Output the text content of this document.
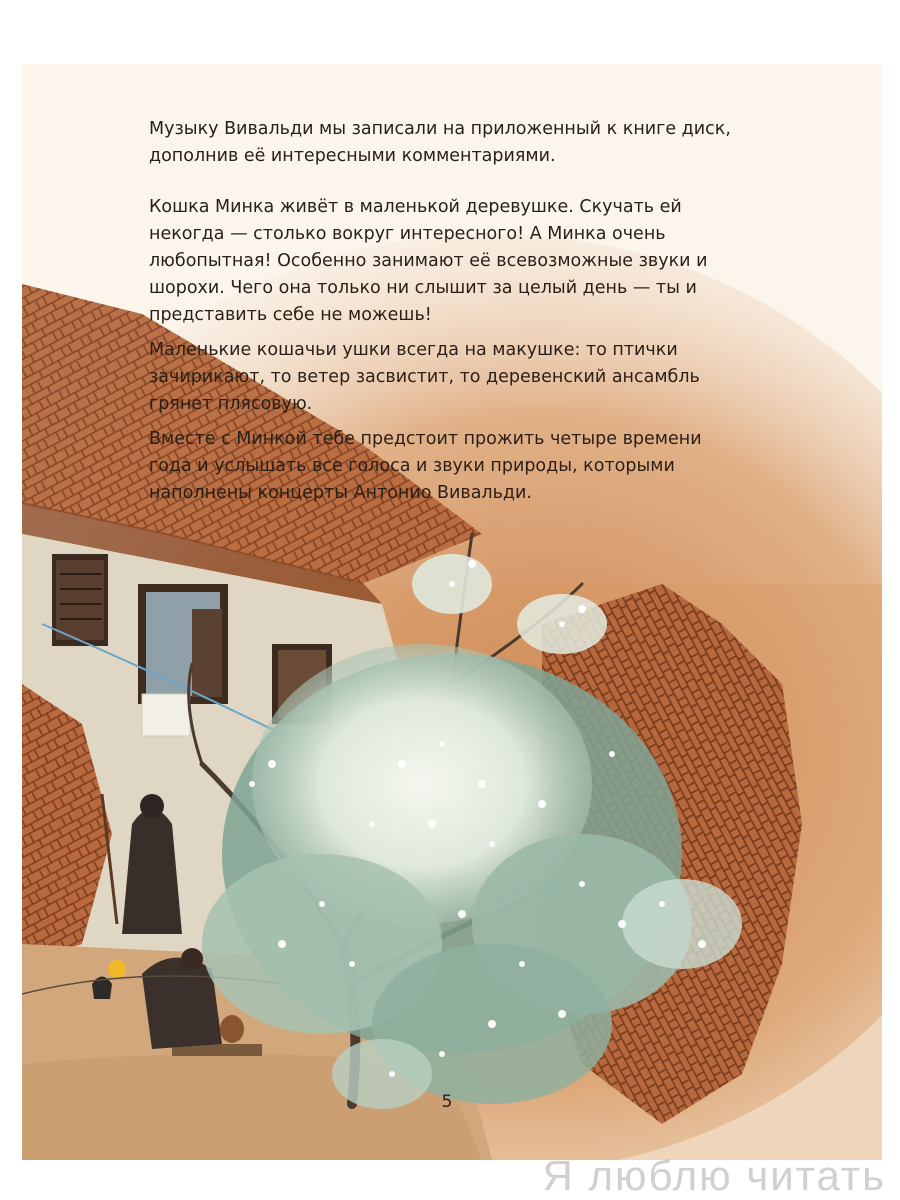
Музыку Вивальди мы записали на приложенный к книге диск, дополнив её интересными комментариями.

Кошка Минка живёт в маленькой деревушке. Скучать ей некогда — столько вокруг интересного! А Минка очень любопытная! Особенно занимают её всевозможные звуки и шорохи. Чего она только ни слышит за целый день — ты и представить себе не можешь!

Маленькие кошачьи ушки всегда на макушке: то птички зачирикают, то ветер засвистит, то деревенский ансамбль грянет плясовую.

Вместе с Минкой тебе предстоит прожить четыре времени года и услышать все голоса и звуки природы, которыми наполнены концерты Антонио Вивальди.

5
Я люблю читать
